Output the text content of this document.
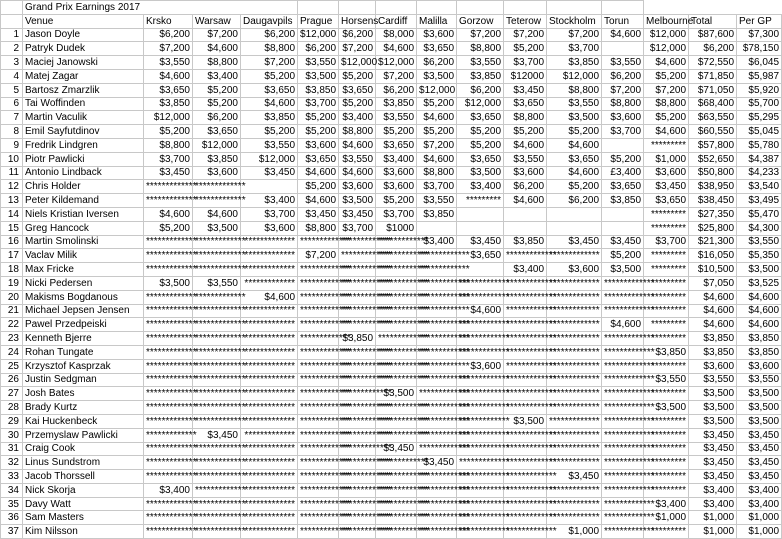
	Grand Prix Earnings 2017															
	Venue	Krsko	Warsaw	Daugavpils	Prague	Horsens	Cardiff	Malilla	Gorzow	Teterow	Stockholm	Torun	Melbourne	Total	Per GP	
1	Jason Doyle	$6,200	$7,200	$6,200	$12,000	$6,200	$8,000	$3,600	$7,200	$7,200	$7,200	$4,600	$12,000	$87,600	$7,300	
2	Patryk Dudek	$7,200	$4,600	$8,800	$6,200	$7,200	$4,600	$3,650	$8,800	$5,200	$3,700		$12,000	$6,200	$78,150	
3	Maciej Janowski	$3,550	$8,800	$7,200	$3,550	$12,000	$12,000	$6,200	$3,550	$3,700	$3,850	$3,550	$4,600	$72,550	$6,045	
4	Matej Zagar	$4,600	$3,400	$5,200	$3,500	$5,200	$7,200	$3,500	$3,850	$12000	$12,000	$6,200	$5,200	$71,850	$5,987	
5	Bartosz Zmarzlik	$3,650	$5,200	$3,650	$3,850	$3,650	$6,200	$12,000	$6,200	$3,450	$8,800	$7,200	$7,200	$71,050	$5,920	
6	Tai Woffinden	$3,850	$5,200	$4,600	$3,700	$5,200	$3,850	$5,200	$12,000	$3,650	$3,550	$8,800	$8,800	$68,400	$5,700	
7	Martin Vaculik	$12,000	$6,200	$3,850	$5,200	$3,400	$3,550	$4,600	$3,650	$8,800	$3,500	$3,600	$5,200	$63,550	$5,295	
8	Emil Sayfutdinov	$5,200	$3,650	$5,200	$5,200	$8,800	$5,200	$5,200	$5,200	$5,200	$5,200	$3,700	$4,600	$60,550	$5,045	
9	Fredrik Lindgren	$8,800	$12,000	$3,550	$3,600	$4,600	$3,650	$7,200	$5,200	$4,600	$4,600		*********	$57,800	$5,780	
10	Piotr Pawlicki	$3,700	$3,850	$12,000	$3,650	$3,550	$3,400	$4,600	$3,650	$3,550	$3,650	$5,200	$1,000	$52,650	$4,387	
11	Antonio Lindback	$3,450	$3,600	$3,450	$4,600	$4,600	$3,600	$8,800	$3,500	$3,600	$4,600	£3,400	$3,600	$50,800	$4,233	
12	Chris Holder	*************	*************		$5,200	$3,600	$3,600	$3,700	$3,400	$6,200	$5,200	$3,650	$3,450	$38,950	$3,540	
13	Peter Kildemand	*************	*************	$3,400	$4,600	$3,500	$5,200	$3,550	*********	$4,600	$6,200	$3,850	$3,650	$38,450	$3,495	
14	Niels Kristian Iversen	$4,600	$4,600	$3,700	$3,450	$3,450	$3,700	$3,850					*********	$27,350	$5,470	
15	Greg Hancock	$5,200	$3,500	$3,600	$8,800	$3,700	$1000						*********	$25,800	$4,300	
16	Martin Smolinski	*************	*************	*************	*************	*************	*************	$3,400	$3,450	$3,850	$3,450	$3,450	$3,700	$21,300	$3,550	
17	Vaclav Milik	*************	*************	*************	$7,200	*************	*************	*************	$3,650	*************	*************	$5,200	*********	$16,050	$5,350	
18	Max Fricke	*************	*************	*************	*************	*************	*************	*************		$3,400	$3,600	$3,500	*********	$10,500	$3,500	
19	Nicki Pedersen	$3,500	$3,550	*************	*************	*************	*************	*************	*************	*************	*************	*************	*********	$7,050	$3,525	
20	Makisms Bogdanous	*************	*************	$4,600	*************	*************	*************	*************	*************	*************	*************	*************	*********	$4,600	$4,600	
21	Michael Jepsen Jensen	*************	*************	*************	*************	*************	*************	*************	$4,600	*************	*************	*************	*********	$4,600	$4,600	
22	Pawel Przedpeiski	*************	*************	*************	*************	*************	*************	*************	*************	*************	*************	$4,600	*********	$4,600	$4,600	
23	Kenneth Bjerre	*************	*************	*************	*************	$3,850	*************	*************	*************	*************	*************	*************	*********	$3,850	$3,850	
24	Rohan Tungate	*************	*************	*************	*************	*************	*************	*************	*************	*************	*************	*************	$3,850	$3,850	$3,850	
25	Krzysztof Kasprzak	*************	*************	*************	*************	*************	*************	*************	$3,600	*************	*************	*************	*********	$3,600	$3,600	
26	Justin Sedgman	*************	*************	*************	*************	*************	*************	*************	*************	*************	*************	*************	$3,550	$3,550	$3,550	
27	Josh Bates	*************	*************	*************	*************	*************	$3,500	*************	*************	*************	*************	*************	*********	$3,500	$3,500	
28	Brady Kurtz	*************	*************	*************	*************	*************	*************	*************	*************	*************	*************	*************	$3,500	$3,500	$3,500	
29	Kai Huckenbeck	*************	*************	*************	*************	*************	*************	*************	*************	$3,500	*************	*************	*********	$3,500	$3,500	
30	Przemyslaw Pawlicki	*************	$3,450	*************	*************	*************	*************	*************	*************	*************	*************	*************	*********	$3,450	$3,450	
31	Craig Cook	*************	*************	*************	*************	*************	$3,450	*************	*************	*************	*************	*************	*********	$3,450	$3,450	
32	Linus Sundstrom	*************	*************	*************	*************	*************	*************	$3,450	*************	*************	*************	*************	*********	$3,450	$3,450	
33	Jacob Thorssell	*************	*************	*************	*************	*************	*************	*************	*************	*************	$3,450	*************	*********	$3,450	$3,450	
34	Nick Skorja	$3,400	*************	*************	*************	*************	*************	*************	*************	*************	*************	*************	*********	$3,400	$3,400	
35	Davy Watt	*************	*************	*************	*************	*************	*************	*************	*************	*************	*************	*************	$3,400	$3,400	$3,400	
36	Sam Masters	*************	*************	*************	*************	*************	*************	*************	*************	*************	*************	*************	$1,000	$1,000	$1,000	
37	Kim Nilsson	*************	*************	*************	*************	*************	*************	*************	*************	*************	$1,000	*************	*********	$1,000	$1,000	
